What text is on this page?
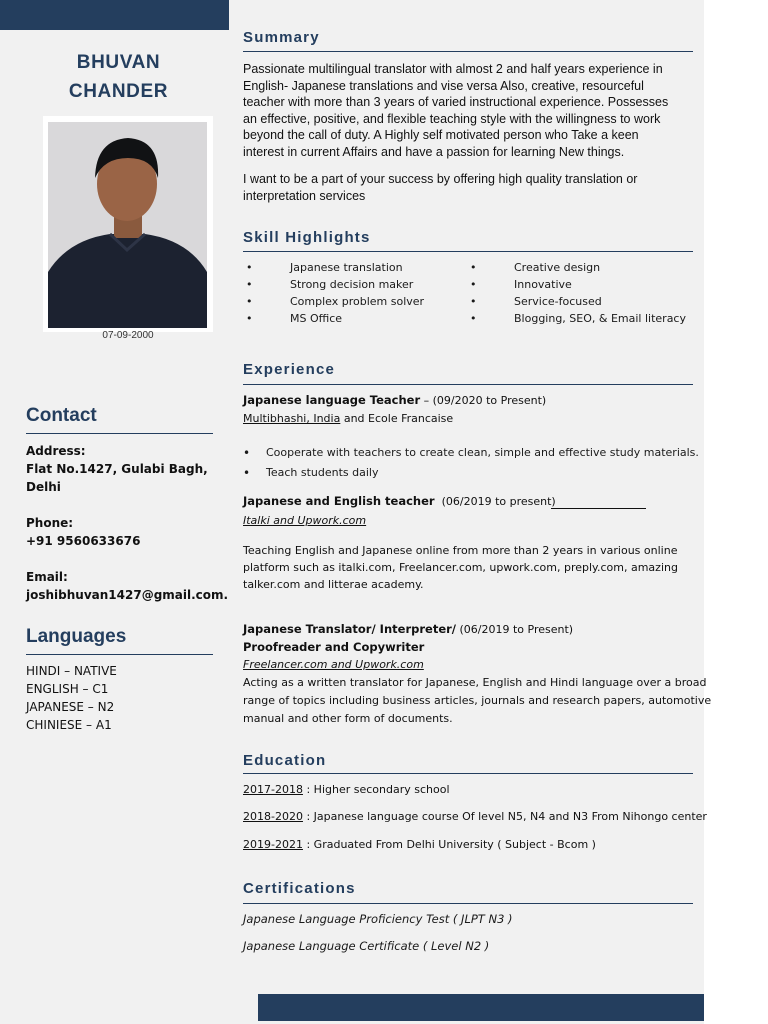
BHUVAN
CHANDER
07-09-2000
Contact
Address:
Flat No.1427, Gulabi Bagh,
Delhi
Phone:
+91 9560633676
Email:
joshibhuvan1427@gmail.com.
Languages
HINDI – NATIVE
ENGLISH – C1
JAPANESE – N2
CHINIESE – A1
Summary
Passionate multilingual translator with almost 2 and half years experience in
English- Japanese translations and vise versa Also, creative, resourceful
teacher with more than 3 years of varied instructional experience. Possesses
an effective, positive, and flexible teaching style with the willingness to work
beyond the call of duty. A Highly self motivated person who Take a keen
interest in current Affairs and have a passion for learning New things.
I want to be a part of your success by offering high quality translation or
interpretation services
Skill Highlights
•	Japanese translation	•	Creative design
•	Strong decision maker	•	Innovative
•	Complex problem solver	•	Service-focused
•	MS Office	•	Blogging, SEO, & Email literacy
Experience
Japanese language Teacher – (09/2020 to Present)
Multibhashi, India and Ecole Francaise
• Cooperate with teachers to create clean, simple and effective study materials.
• Teach students daily
Japanese and English teacher (06/2019 to present)
Italki and Upwork.com
Teaching English and Japanese online from more than 2 years in various online
platform such as italki.com, Freelancer.com, upwork.com, preply.com, amazing
talker.com and litterae academy.
Japanese Translator/ Interpreter/ (06/2019 to Present)
Proofreader and Copywriter
Freelancer.com and Upwork.com
Acting as a written translator for Japanese, English and Hindi language over a broad
range of topics including business articles, journals and research papers, automotive
manual and other form of documents.
Education
2017-2018 : Higher secondary school
2018-2020 : Japanese language course Of level N5, N4 and N3 From Nihongo center
2019-2021 : Graduated From Delhi University ( Subject - Bcom )
Certifications
Japanese Language Proficiency Test ( JLPT N3 )
Japanese Language Certificate ( Level N2 )
